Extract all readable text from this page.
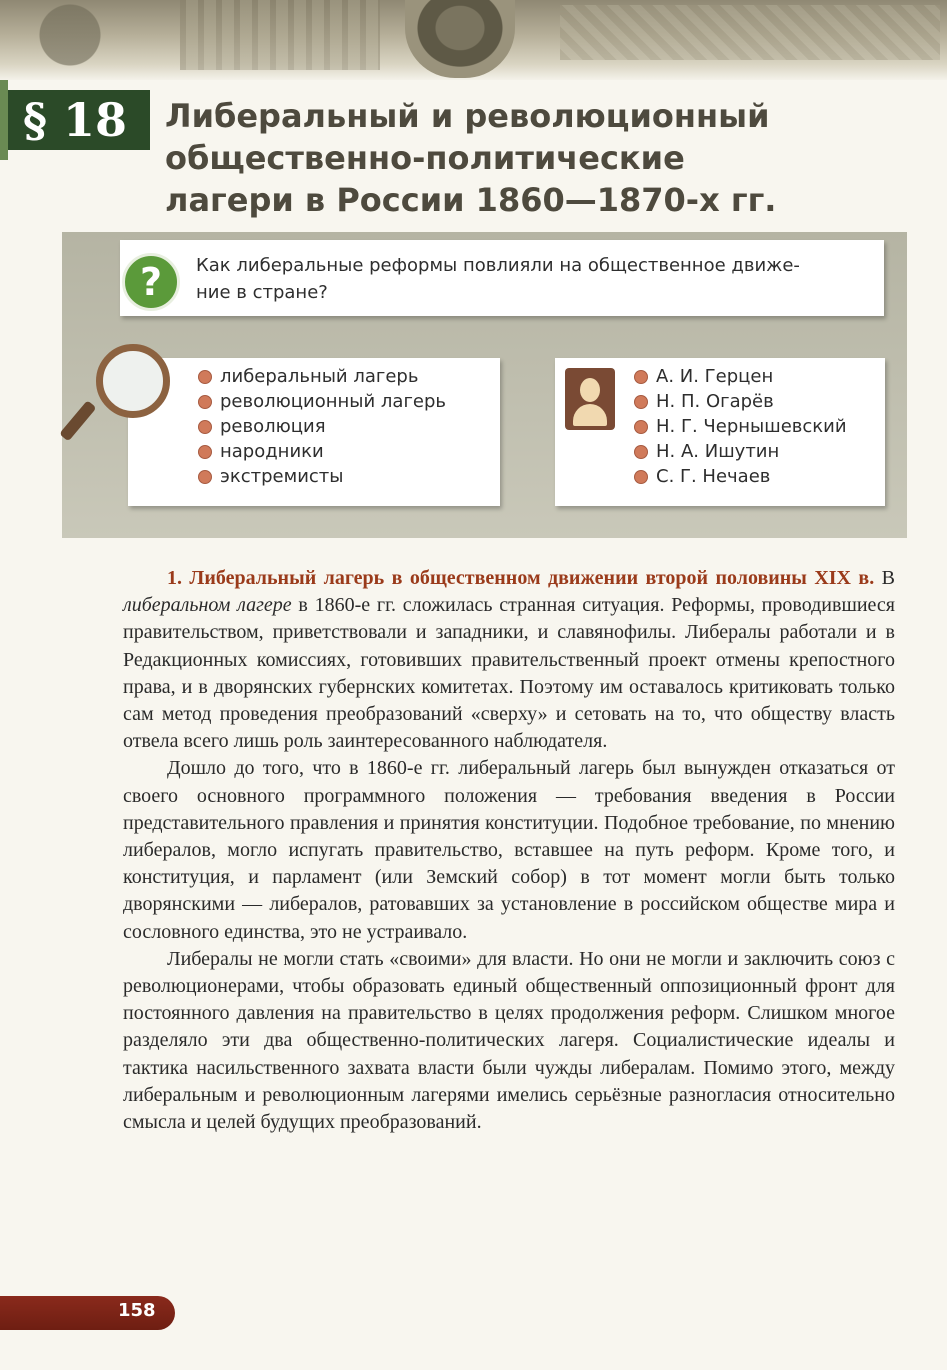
§ 18	Либеральный и революционный
общественно-политические
лагери в России 1860—1870-х гг.
?	Как либеральные реформы повлияли на общественное движе-
ние в стране?
либеральный лагерь
революционный лагерь
революция
народники
экстремисты
А. И. Герцен
Н. П. Огарёв
Н. Г. Чернышевский
Н. А. Ишутин
С. Г. Нечаев

1. Либеральный лагерь в общественном движении второй половины XIX в. В либеральном лагере в 1860-е гг. сложилась странная ситуация. Реформы, проводившиеся правительством, приветствовали и западники, и славянофилы. Либералы работали и в Редакционных комиссиях, готовивших правительственный проект отмены крепостного права, и в дворянских губернских комитетах. Поэтому им оставалось критиковать только сам метод проведения преобразований «сверху» и сетовать на то, что обществу власть отвела всего лишь роль заинтересованного наблюдателя.

Дошло до того, что в 1860-е гг. либеральный лагерь был вынужден отказаться от своего основного программного положения — требования введения в России представительного правления и принятия конституции. Подобное требование, по мнению либералов, могло испугать правительство, вставшее на путь реформ. Кроме того, и конституция, и парламент (или Земский собор) в тот момент могли быть только дворянскими — либералов, ратовавших за установление в российском обществе мира и сословного единства, это не устраивало.

Либералы не могли стать «своими» для власти. Но они не могли и заключить союз с революционерами, чтобы образовать единый общественный оппозиционный фронт для постоянного давления на правительство в целях продолжения реформ. Слишком многое разделяло эти два общественно-политических лагеря. Социалистические идеалы и тактика насильственного захвата власти были чужды либералам. Помимо этого, между либеральным и революционным лагерями имелись серьёзные разногласия относительно смысла и целей будущих преобразований.

158
